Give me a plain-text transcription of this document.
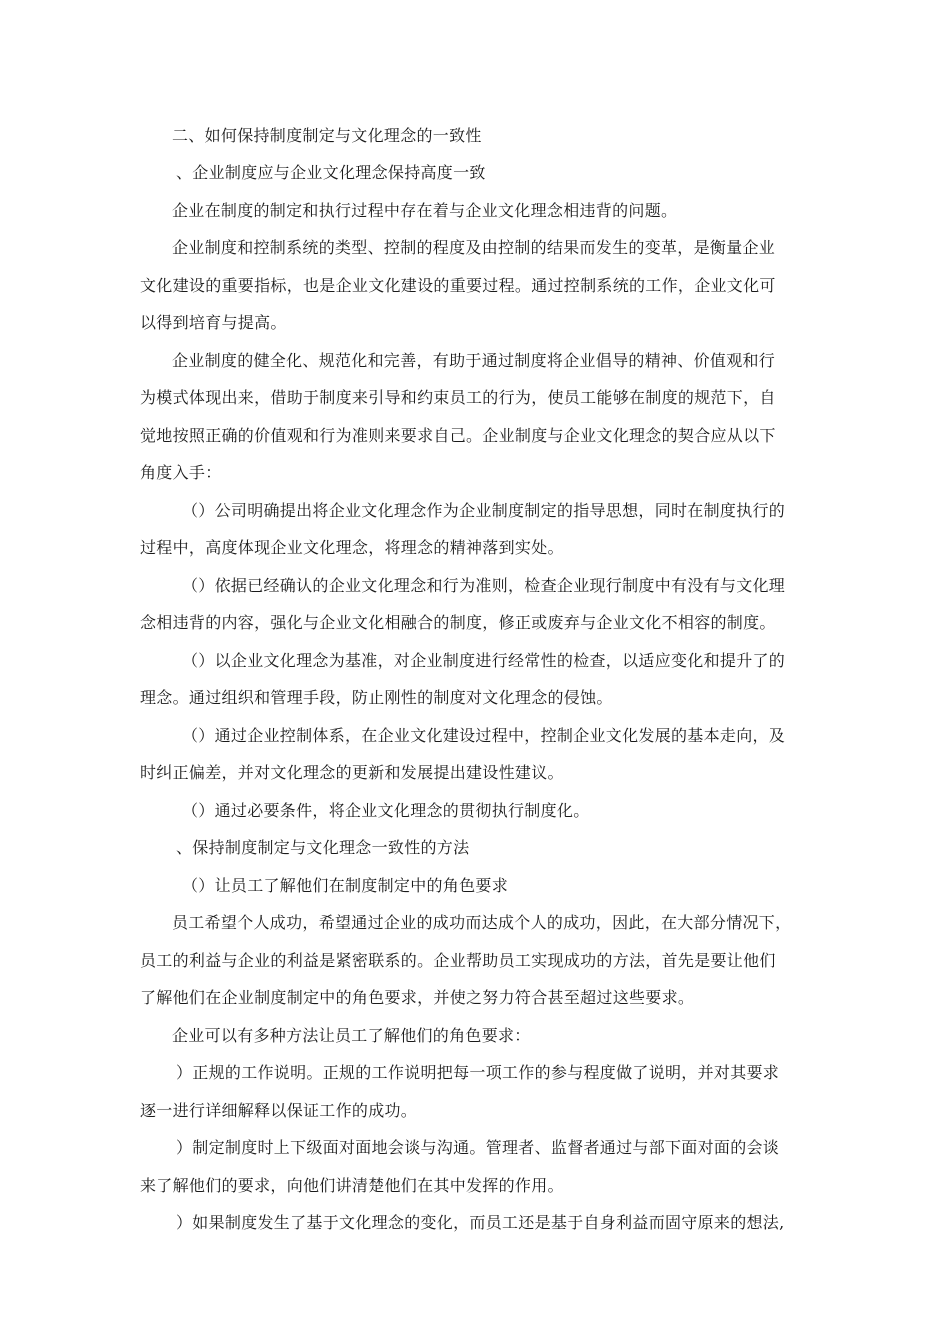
二、如何保持制度制定与文化理念的一致性

、企业制度应与企业文化理念保持高度一致

企业在制度的制定和执行过程中存在着与企业文化理念相违背的问题。

企业制度和控制系统的类型、控制的程度及由控制的结果而发生的变革，是衡量企业

文化建设的重要指标，也是企业文化建设的重要过程。通过控制系统的工作，企业文化可

以得到培育与提高。

企业制度的健全化、规范化和完善，有助于通过制度将企业倡导的精神、价值观和行

为模式体现出来，借助于制度来引导和约束员工的行为，使员工能够在制度的规范下，自

觉地按照正确的价值观和行为准则来要求自己。企业制度与企业文化理念的契合应从以下

角度入手：

（）公司明确提出将企业文化理念作为企业制度制定的指导思想，同时在制度执行的

过程中，高度体现企业文化理念，将理念的精神落到实处。

（）依据已经确认的企业文化理念和行为准则，检查企业现行制度中有没有与文化理

念相违背的内容，强化与企业文化相融合的制度，修正或废弃与企业文化不相容的制度。

（）以企业文化理念为基准，对企业制度进行经常性的检查，以适应变化和提升了的

理念。通过组织和管理手段，防止刚性的制度对文化理念的侵蚀。

（）通过企业控制体系，在企业文化建设过程中，控制企业文化发展的基本走向，及

时纠正偏差，并对文化理念的更新和发展提出建设性建议。

（）通过必要条件，将企业文化理念的贯彻执行制度化。

、保持制度制定与文化理念一致性的方法

（）让员工了解他们在制度制定中的角色要求

员工希望个人成功，希望通过企业的成功而达成个人的成功，因此，在大部分情况下，

员工的利益与企业的利益是紧密联系的。企业帮助员工实现成功的方法，首先是要让他们

了解他们在企业制度制定中的角色要求，并使之努力符合甚至超过这些要求。

企业可以有多种方法让员工了解他们的角色要求：

）正规的工作说明。正规的工作说明把每一项工作的参与程度做了说明，并对其要求

逐一进行详细解释以保证工作的成功。

）制定制度时上下级面对面地会谈与沟通。管理者、监督者通过与部下面对面的会谈

来了解他们的要求，向他们讲清楚他们在其中发挥的作用。

）如果制度发生了基于文化理念的变化，而员工还是基于自身利益而固守原来的想法,
